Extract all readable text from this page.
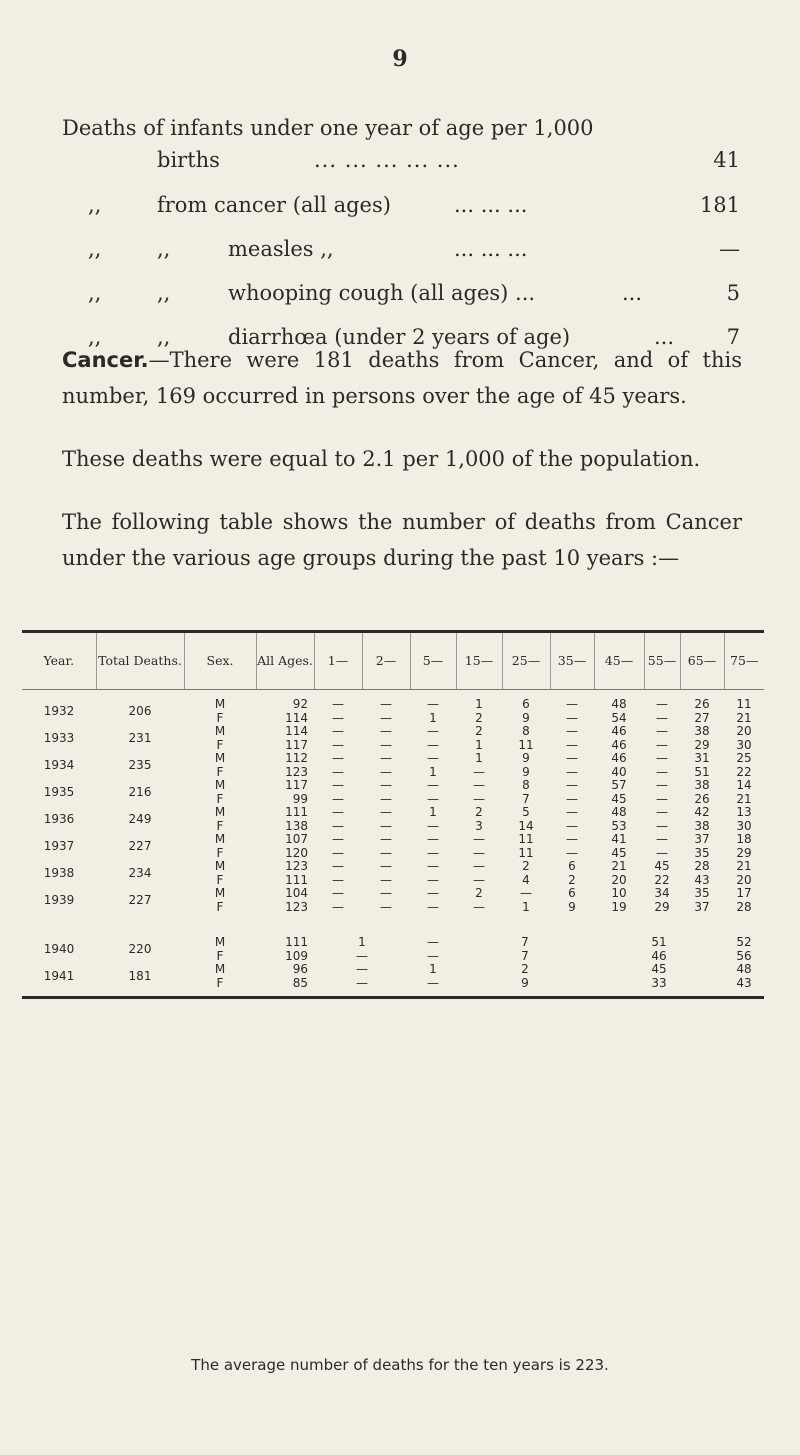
9
Deaths of infants under one year of age per 1,000
births	... ... ... ... ...	41
,,	from cancer (all ages)	... ... ...	181
,,	,,	measles ,,	... ... ...	—
,,	,,	whooping cough (all ages) ...	...	5
,,	,,	diarrhœa (under 2 years of age)	...	7
Cancer.—There were 181 deaths from Cancer, and of this number, 169 occurred in persons over the age of 45 years.
These deaths were equal to 2.1 per 1,000 of the population.
The following table shows the number of deaths from Cancer under the various age groups during the past 10 years :—
Year.	Total Deaths.	Sex.	All Ages.	1—	2—	5—	15—	25—	35—	45—	55—	65—	75—

1932	206	M	92	—	—	—	1	6	—	48	—	26	11
		F	114	—	—	1	2	9	—	54	—	27	21
1933	231	M	114	—	—	—	2	8	—	46	—	38	20
		F	117	—	—	—	1	11	—	46	—	29	30
1934	235	M	112	—	—	—	1	9	—	46	—	31	25
		F	123	—	—	1	—	9	—	40	—	51	22
1935	216	M	117	—	—	—	—	8	—	57	—	38	14
		F	99	—	—	—	—	7	—	45	—	26	21
1936	249	M	111	—	—	1	2	5	—	48	—	42	13
		F	138	—	—	—	3	14	—	53	—	38	30
1937	227	M	107	—	—	—	—	11	—	41	—	37	18
		F	120	—	—	—	—	11	—	45	—	35	29
1938	234	M	123	—	—	—	—	2	6	21	45	28	21
		F	111	—	—	—	—	4	2	20	22	43	20
1939	227	M	104	—	—	—	2	—	6	10	34	35	17
		F	123	—	—	—	—	1	9	19	29	37	28

1940	220	M	111	1		—	7			51			52
		F	109	—		—	7			46			56
1941	181	M	96	—		1	2			45			48
		F	85	—		—	9			33			43

The average number of deaths for the ten years is 223.
